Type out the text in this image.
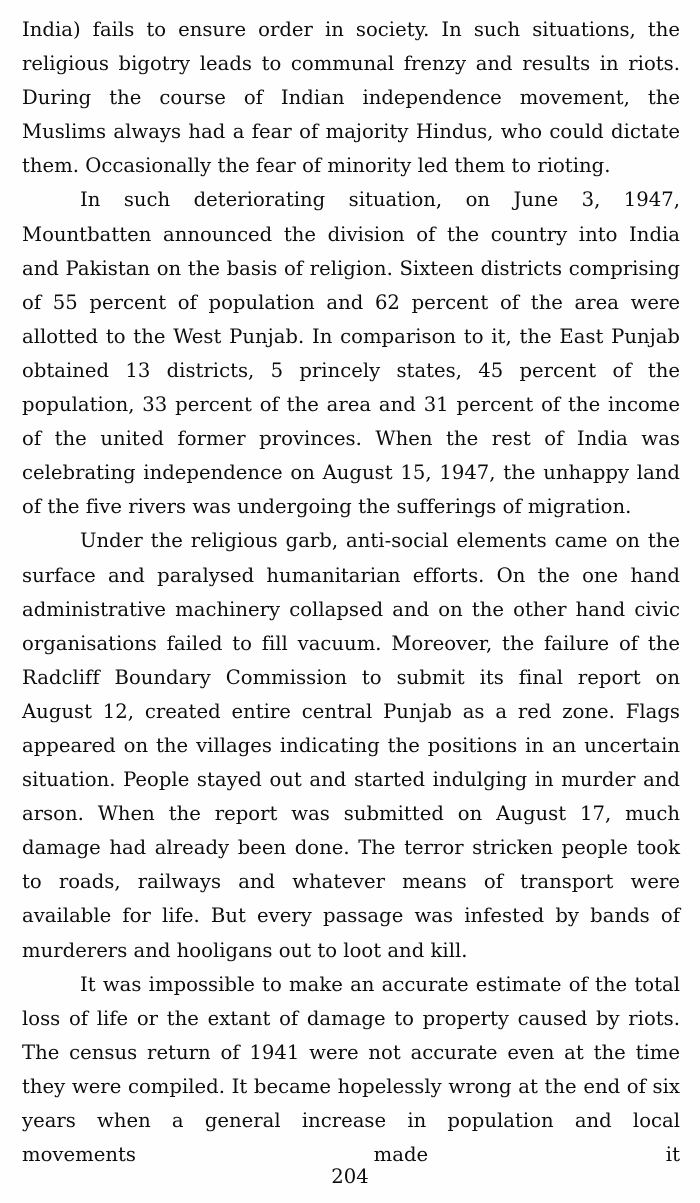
India) fails to ensure order in society. In such situations, the religious bigotry leads to communal frenzy and results in riots. During the course of Indian independence movement, the Muslims always had a fear of majority Hindus, who could dictate them. Occasionally the fear of minority led them to rioting.

In such deteriorating situation, on June 3, 1947, Mountbatten announced the division of the country into India and Pakistan on the basis of religion. Sixteen districts comprising of 55 percent of population and 62 percent of the area were allotted to the West Punjab. In comparison to it, the East Punjab obtained 13 districts, 5 princely states, 45 percent of the population, 33 percent of the area and 31 percent of the income of the united former provinces. When the rest of India was celebrating independence on August 15, 1947, the unhappy land of the five rivers was undergoing the sufferings of migration.

Under the religious garb, anti-social elements came on the surface and paralysed humanitarian efforts. On the one hand administrative machinery collapsed and on the other hand civic organisations failed to fill vacuum. Moreover, the failure of the Radcliff Boundary Commission to submit its final report on August 12, created entire central Punjab as a red zone. Flags appeared on the villages indicating the positions in an uncertain situation. People stayed out and started indulging in murder and arson. When the report was submitted on August 17, much damage had already been done. The terror stricken people took to roads, railways and whatever means of transport were available for life. But every passage was infested by bands of murderers and hooligans out to loot and kill.

It was impossible to make an accurate estimate of the total loss of life or the extant of damage to property caused by riots. The census return of 1941 were not accurate even at the time they were compiled. It became hopelessly wrong at the end of six years when a general increase in population and local movements made it

204
